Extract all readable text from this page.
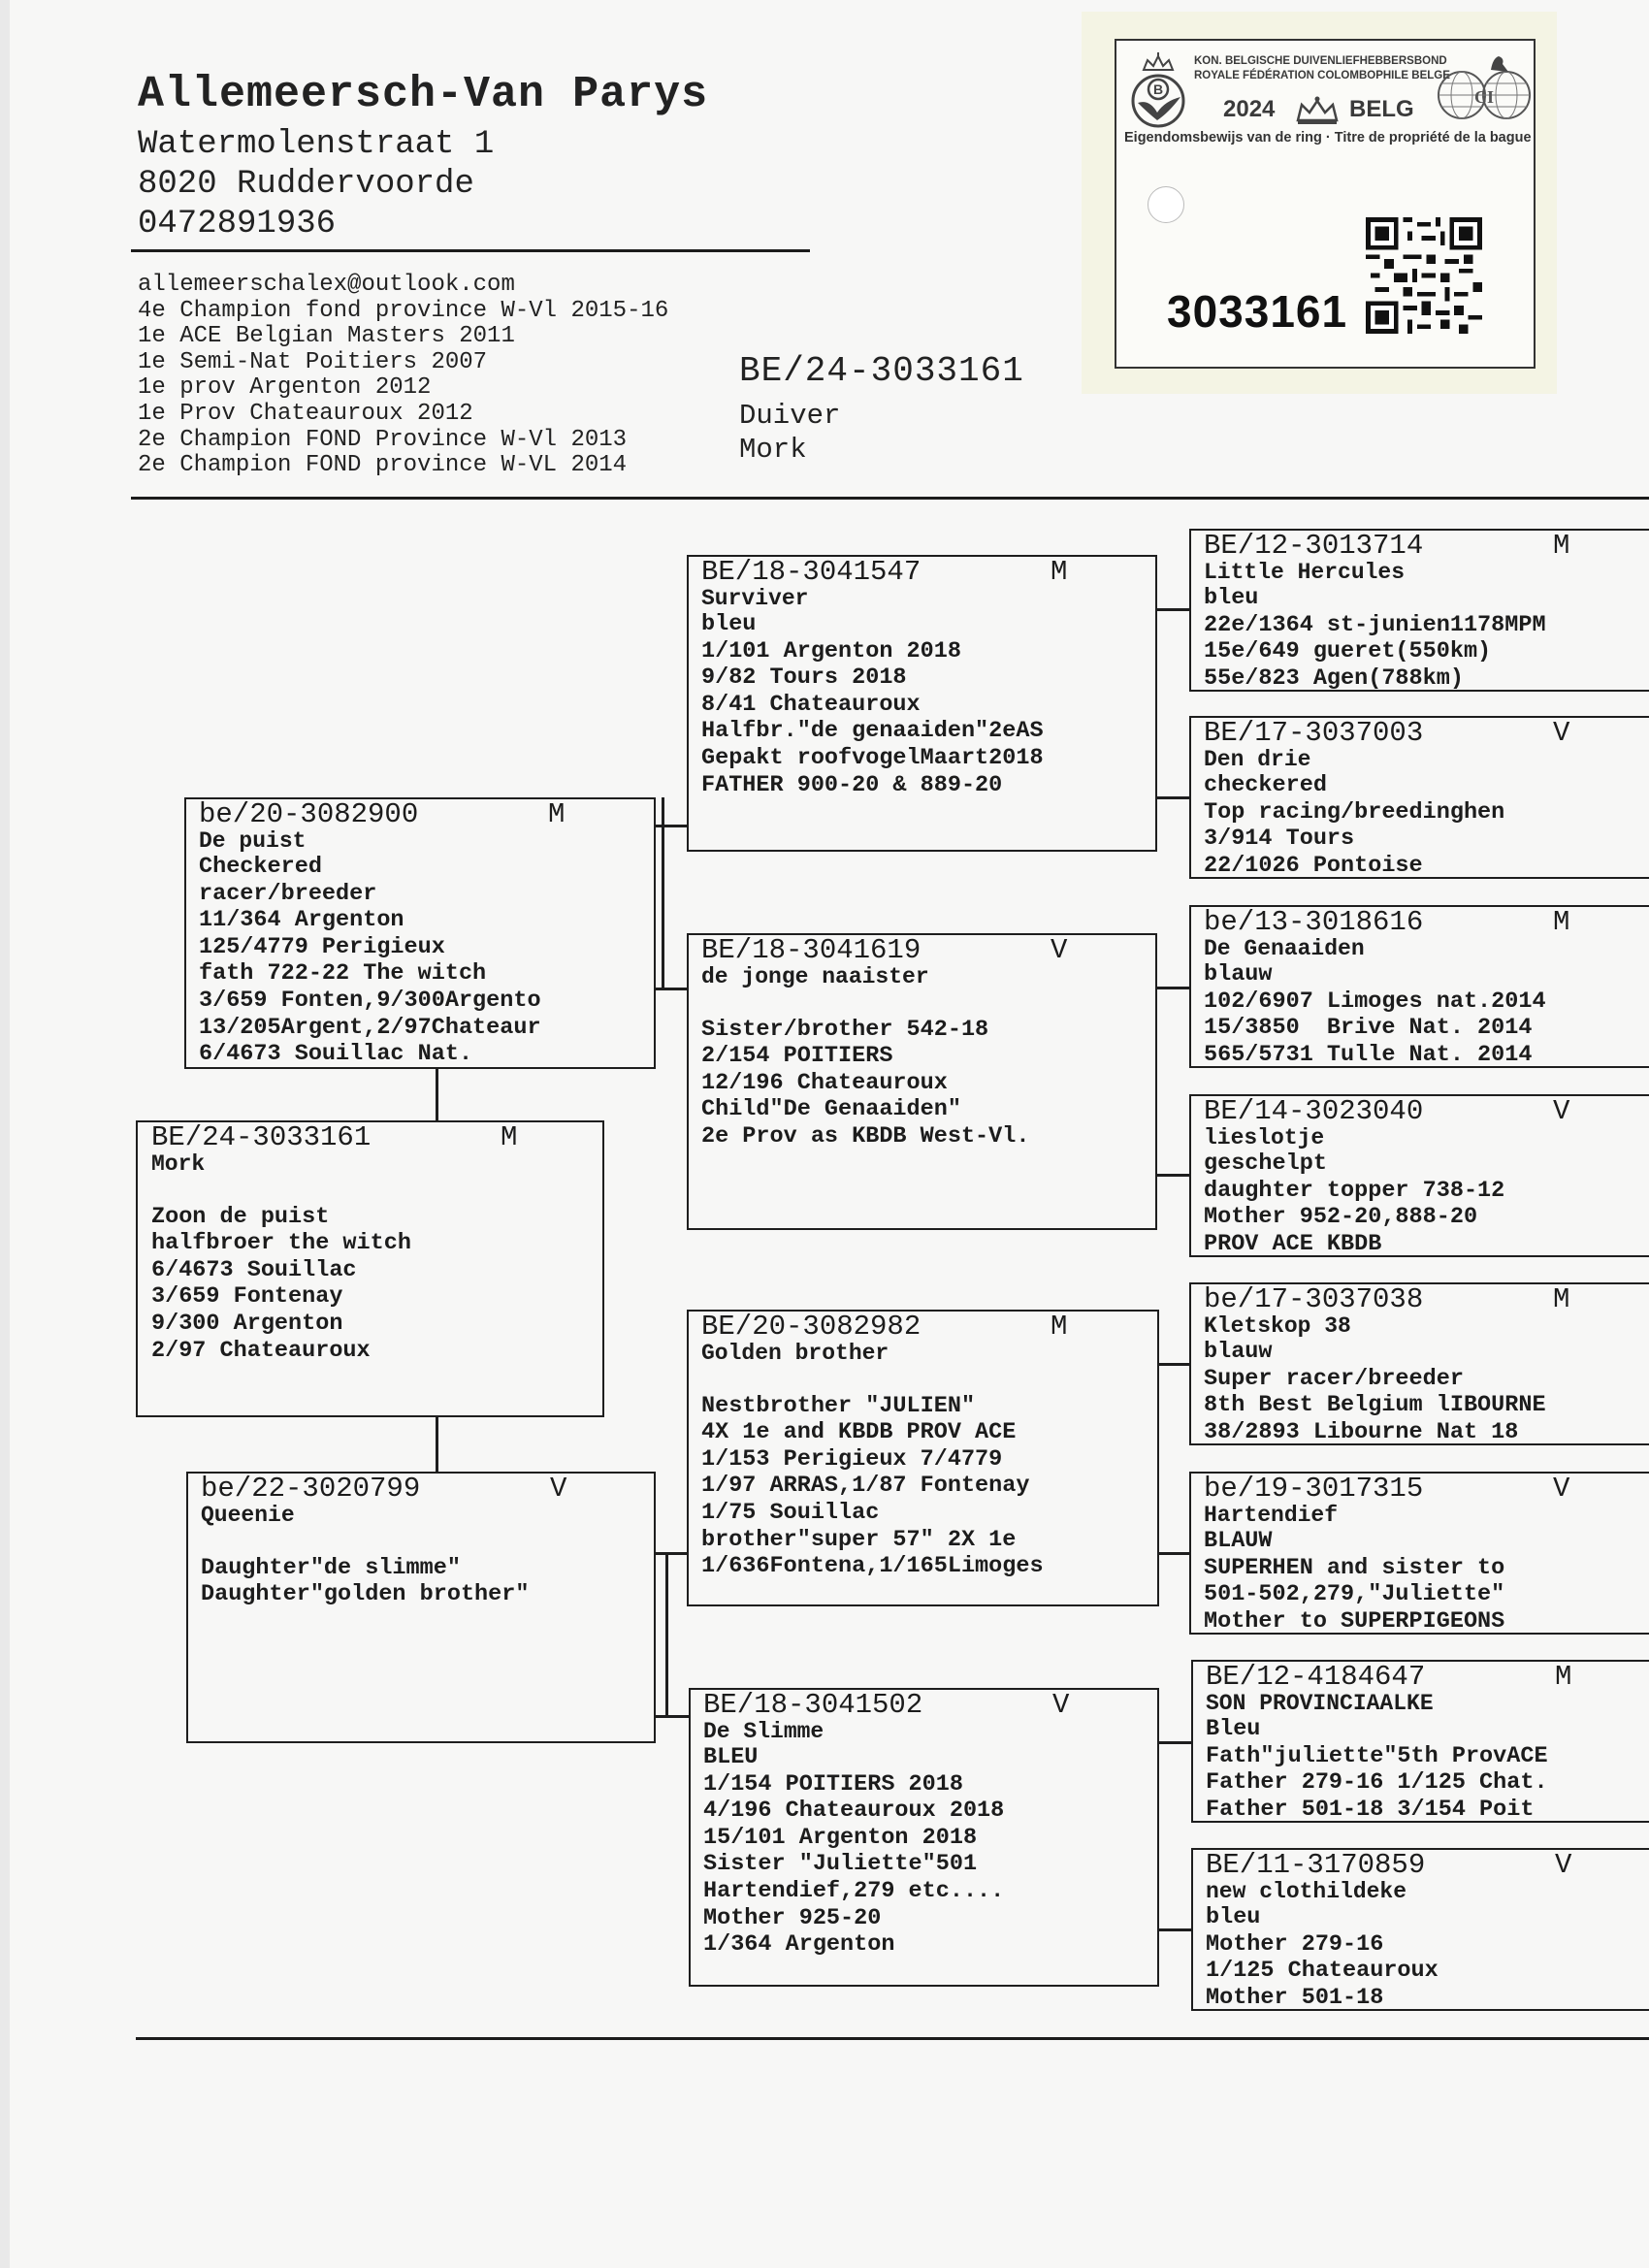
Allemeersch-Van Parys
Watermolenstraat 1
8020 Ruddervoorde
0472891936
allemeerschalex@outlook.com
4e Champion fond province W-Vl 2015-16
1e ACE Belgian Masters 2011
1e Semi-Nat Poitiers 2007
1e prov Argenton 2012
1e Prov Chateauroux 2012
2e Champion FOND Province W-Vl 2013
2e Champion FOND province W-VL 2014
BE/24-3033161
Duiver
Mork
B
KON. BELGISCHE DUIVENLIEFHEBBERSBOND
ROYALE FÉDÉRATION COLOMBOPHILE BELGE
2024	BELG	CI
Eigendomsbewijs van de ring · Titre de propriété de la bague
3033161
be/20-3082900	M
De puist
Checkered
racer/breeder
11/364 Argenton
125/4779 Perigieux
fath 722-22 The witch
3/659 Fonten,9/300Argento
13/205Argent,2/97Chateaur
6/4673 Souillac Nat.
BE/24-3033161	M
Mork
Zoon de puist
halfbroer the witch
6/4673 Souillac
3/659 Fontenay
9/300 Argenton
2/97 Chateauroux
be/22-3020799	V
Queenie
Daughter"de slimme"
Daughter"golden brother"
BE/18-3041547	M
Surviver
bleu
1/101 Argenton 2018
9/82 Tours 2018
8/41 Chateauroux
Halfbr."de genaaiden"2eAS
Gepakt roofvogelMaart2018
FATHER 900-20 & 889-20
BE/18-3041619	V
de jonge naaister
Sister/brother 542-18
2/154 POITIERS
12/196 Chateauroux
Child"De Genaaiden"
2e Prov as KBDB West-Vl.
BE/20-3082982	M
Golden brother
Nestbrother "JULIEN"
4X 1e and KBDB PROV ACE
1/153 Perigieux 7/4779
1/97 ARRAS,1/87 Fontenay
1/75 Souillac
brother"super 57" 2X 1e
1/636Fontena,1/165Limoges
BE/18-3041502	V
De Slimme
BLEU
1/154 POITIERS 2018
4/196 Chateauroux 2018
15/101 Argenton 2018
Sister "Juliette"501
Hartendief,279 etc....
Mother 925-20
1/364 Argenton
BE/12-3013714	M
Little Hercules
bleu
22e/1364 st-junien1178MPM
15e/649 gueret(550km)
55e/823 Agen(788km)
BE/17-3037003	V
Den drie
checkered
Top racing/breedinghen
3/914 Tours
22/1026 Pontoise
be/13-3018616	M
De Genaaiden
blauw
102/6907 Limoges nat.2014
15/3850  Brive Nat. 2014
565/5731 Tulle Nat. 2014
BE/14-3023040	V
lieslotje
geschelpt
daughter topper 738-12
Mother 952-20,888-20
PROV ACE KBDB
be/17-3037038	M
Kletskop 38
blauw
Super racer/breeder
8th Best Belgium lIBOURNE
38/2893 Libourne Nat 18
be/19-3017315	V
Hartendief
BLAUW
SUPERHEN and sister to
501-502,279,"Juliette"
Mother to SUPERPIGEONS
BE/12-4184647	M
SON PROVINCIAALKE
Bleu
Fath"juliette"5th ProvACE
Father 279-16 1/125 Chat.
Father 501-18 3/154 Poit
BE/11-3170859	V
new clothildeke
bleu
Mother 279-16
1/125 Chateauroux
Mother 501-18
